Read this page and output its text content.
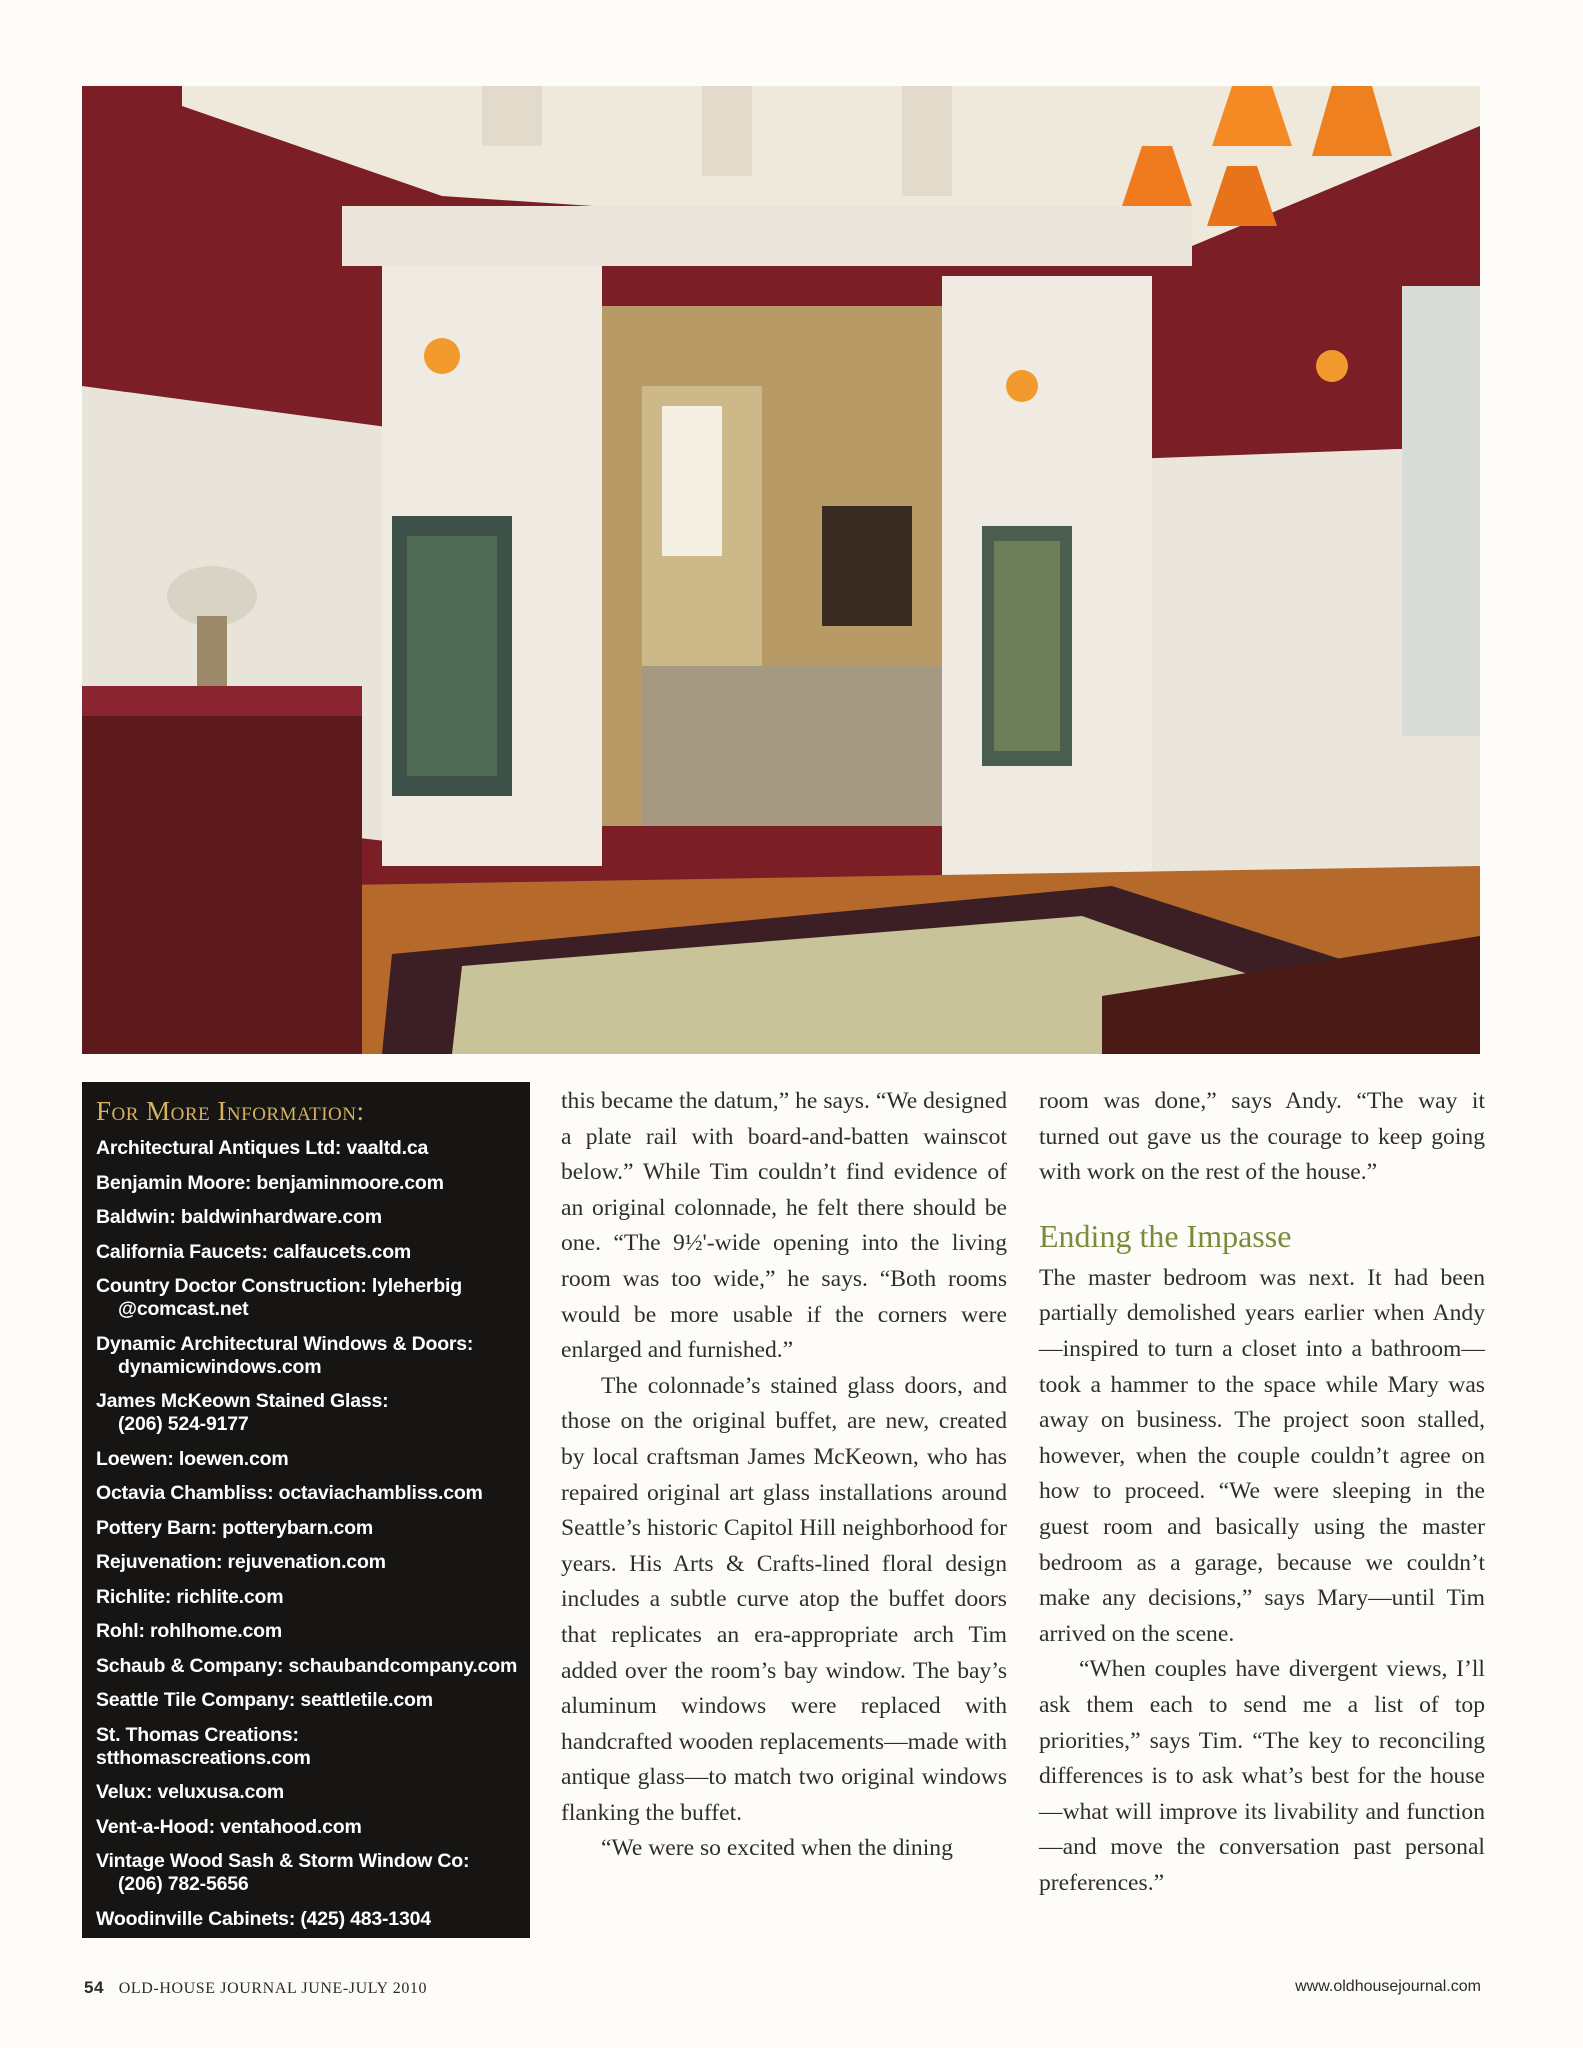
For More Information:
Architectural Antiques Ltd: vaaltd.ca
Benjamin Moore: benjaminmoore.com
Baldwin: baldwinhardware.com
California Faucets: calfaucets.com
Country Doctor Construction: lyleherbig
@comcast.net
Dynamic Architectural Windows & Doors:
dynamicwindows.com
James McKeown Stained Glass:
(206) 524-9177
Loewen: loewen.com
Octavia Chambliss: octaviachambliss.com
Pottery Barn: potterybarn.com
Rejuvenation: rejuvenation.com
Richlite: richlite.com
Rohl: rohlhome.com
Schaub & Company: schaubandcompany.com
Seattle Tile Company: seattletile.com
St. Thomas Creations: stthomascreations.com
Velux: veluxusa.com
Vent-a-Hood: ventahood.com
Vintage Wood Sash & Storm Window Co:
(206) 782-5656
Woodinville Cabinets: (425) 483-1304

this became the datum,” he says. “We designed a plate rail with board-and-batten wainscot below.” While Tim couldn’t find evidence of an original colonnade, he felt there should be one. “The 9½'-wide opening into the living room was too wide,” he says. “Both rooms would be more usable if the corners were enlarged and furnished.”

The colonnade’s stained glass doors, and those on the original buffet, are new, created by local craftsman James McKeown, who has repaired original art glass installations around Seattle’s historic Capitol Hill neighborhood for years. His Arts & Crafts-lined floral design includes a subtle curve atop the buffet doors that replicates an era-appropriate arch Tim added over the room’s bay window. The bay’s aluminum windows were replaced with handcrafted wooden replacements—made with antique glass—to match two original windows flanking the buffet.

“We were so excited when the dining

room was done,” says Andy. “The way it turned out gave us the courage to keep going with work on the rest of the house.”

Ending the Impasse

The master bedroom was next. It had been partially demolished years earlier when Andy—inspired to turn a closet into a bathroom—took a hammer to the space while Mary was away on business. The project soon stalled, however, when the couple couldn’t agree on how to proceed. “We were sleeping in the guest room and basically using the master bedroom as a garage, because we couldn’t make any decisions,” says Mary—until Tim arrived on the scene.

“When couples have divergent views, I’ll ask them each to send me a list of top priorities,” says Tim. “The key to reconciling differences is to ask what’s best for the house—what will improve its livability and function—and move the conversation past personal preferences.”

54 OLD-HOUSE JOURNAL JUNE-JULY 2010	www.oldhousejournal.com
